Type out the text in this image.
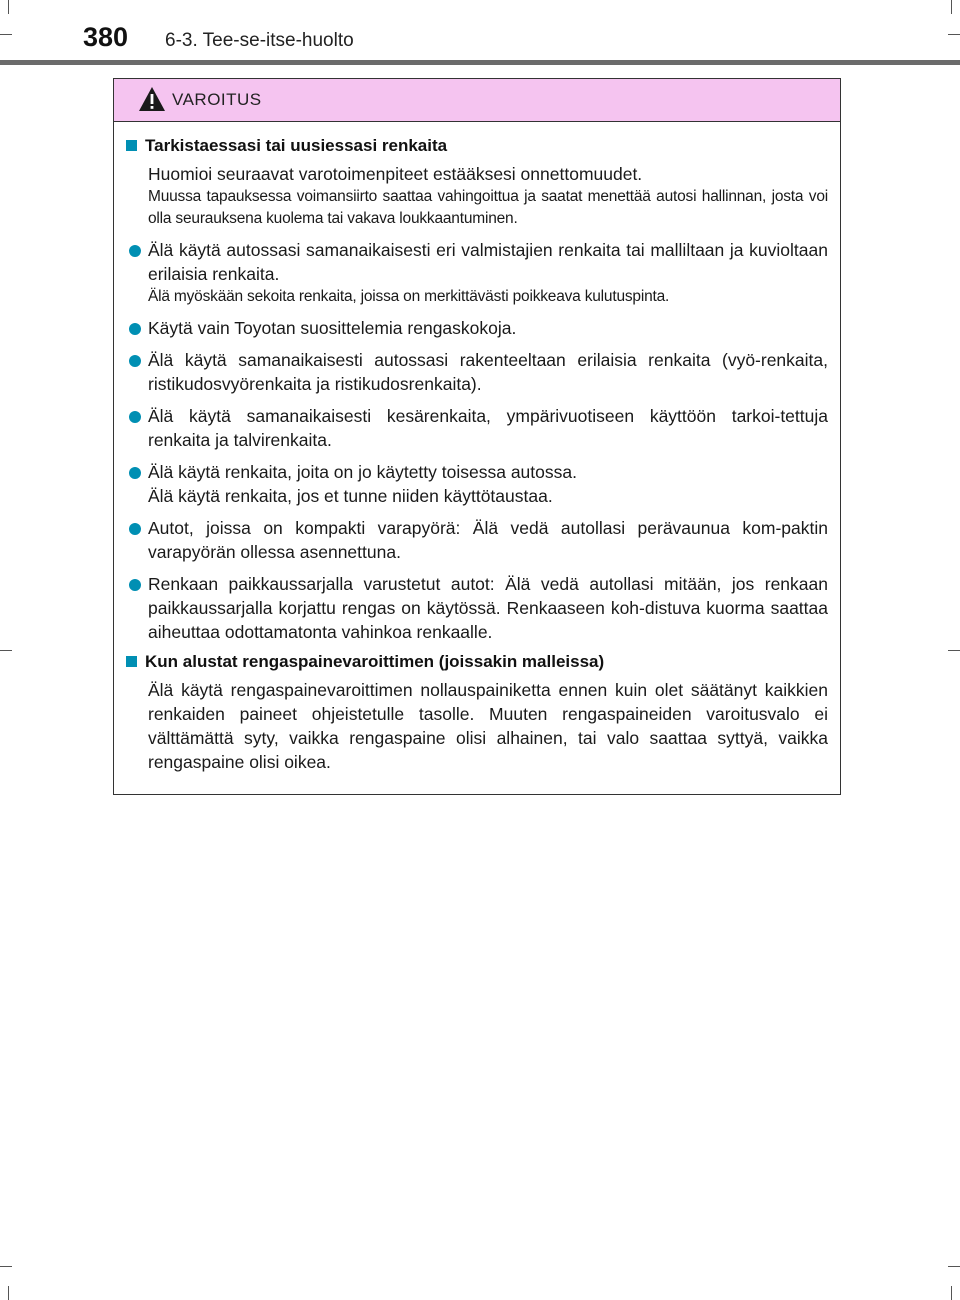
380 6-3. Tee-se-itse-huolto
VAROITUS
Tarkistaessasi tai uusiessasi renkaita
Huomioi seuraavat varotoimenpiteet estääksesi onnettomuudet.
Muussa tapauksessa voimansiirto saattaa vahingoittua ja saatat menettää autosi hallinnan, josta voi olla seurauksena kuolema tai vakava loukkaantuminen.
Älä käytä autossasi samanaikaisesti eri valmistajien renkaita tai malliltaan ja kuvioltaan erilaisia renkaita.
Älä myöskään sekoita renkaita, joissa on merkittävästi poikkeava kulutuspinta.
Käytä vain Toyotan suosittelemia rengaskokoja.
Älä käytä samanaikaisesti autossasi rakenteeltaan erilaisia renkaita (vyö-renkaita, ristikudosvyörenkaita ja ristikudosrenkaita).
Älä käytä samanaikaisesti kesärenkaita, ympärivuotiseen käyttöön tarkoi-tettuja renkaita ja talvirenkaita.
Älä käytä renkaita, joita on jo käytetty toisessa autossa.
Älä käytä renkaita, jos et tunne niiden käyttötaustaa.
Autot, joissa on kompakti varapyörä: Älä vedä autollasi perävaunua kom-paktin varapyörän ollessa asennettuna.
Renkaan paikkaussarjalla varustetut autot: Älä vedä autollasi mitään, jos renkaan paikkaussarjalla korjattu rengas on käytössä. Renkaaseen koh-distuva kuorma saattaa aiheuttaa odottamatonta vahinkoa renkaalle.
Kun alustat rengaspainevaroittimen (joissakin malleissa)
Älä käytä rengaspainevaroittimen nollauspainiketta ennen kuin olet säätänyt kaikkien renkaiden paineet ohjeistetulle tasolle. Muuten rengaspaineiden varoitusvalo ei välttämättä syty, vaikka rengaspaine olisi alhainen, tai valo saattaa syttyä, vaikka rengaspaine olisi oikea.
